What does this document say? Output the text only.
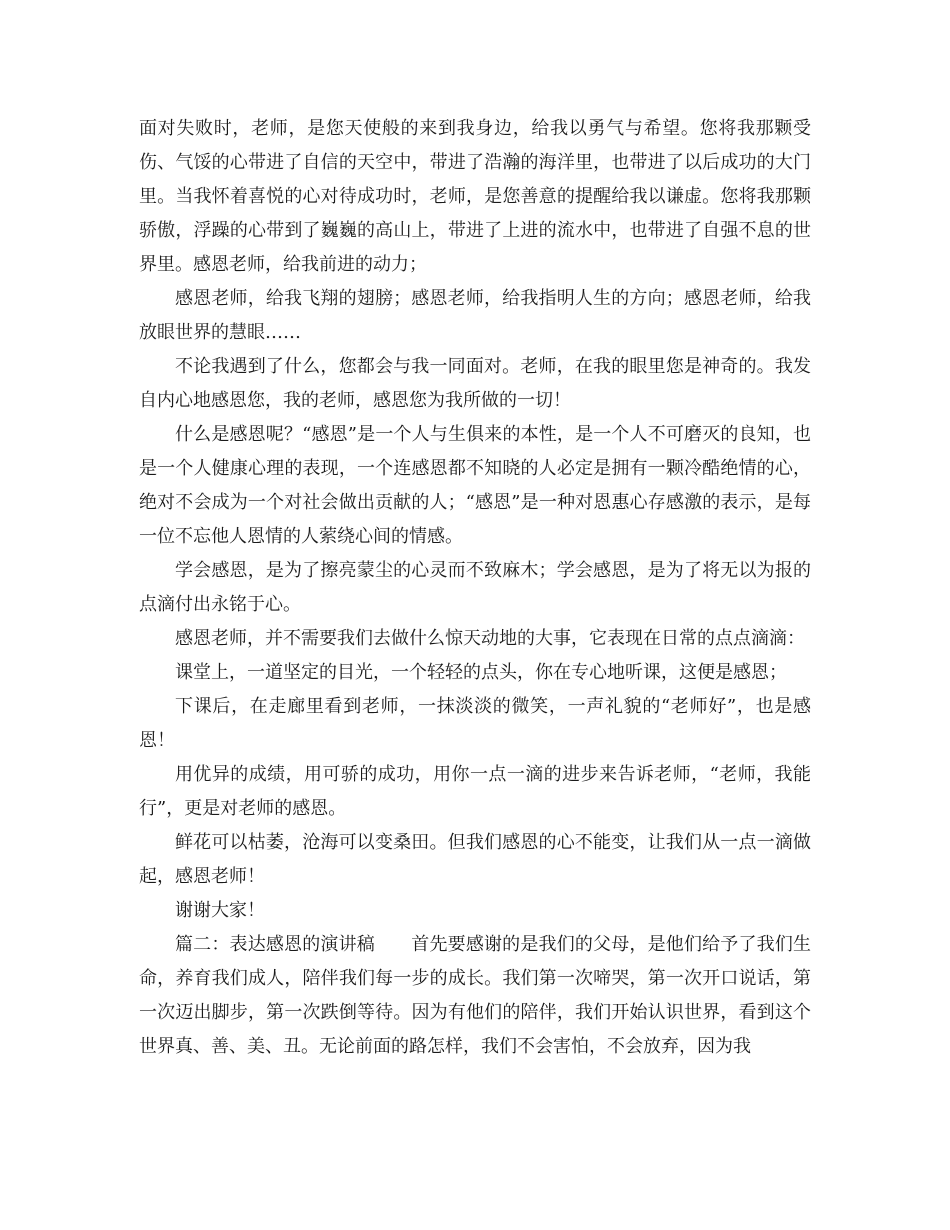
面对失败时，老师，是您天使般的来到我身边，给我以勇气与希望。您将我那颗受伤、气馁的心带进了自信的天空中，带进了浩瀚的海洋里，也带进了以后成功的大门里。当我怀着喜悦的心对待成功时，老师，是您善意的提醒给我以谦虚。您将我那颗骄傲，浮躁的心带到了巍巍的高山上，带进了上进的流水中，也带进了自强不息的世界里。感恩老师，给我前进的动力；

感恩老师，给我飞翔的翅膀；感恩老师，给我指明人生的方向；感恩老师，给我放眼世界的慧眼……

不论我遇到了什么，您都会与我一同面对。老师，在我的眼里您是神奇的。我发自内心地感恩您，我的老师，感恩您为我所做的一切！

什么是感恩呢？“感恩”是一个人与生俱来的本性，是一个人不可磨灭的良知，也是一个人健康心理的表现，一个连感恩都不知晓的人必定是拥有一颗冷酷绝情的心，绝对不会成为一个对社会做出贡献的人；“感恩”是一种对恩惠心存感激的表示，是每一位不忘他人恩情的人萦绕心间的情感。

学会感恩，是为了擦亮蒙尘的心灵而不致麻木；学会感恩，是为了将无以为报的点滴付出永铭于心。

感恩老师，并不需要我们去做什么惊天动地的大事，它表现在日常的点点滴滴：

课堂上，一道坚定的目光，一个轻轻的点头，你在专心地听课，这便是感恩；

下课后，在走廊里看到老师，一抹淡淡的微笑，一声礼貌的“老师好”，也是感恩！

用优异的成绩，用可骄的成功，用你一点一滴的进步来告诉老师，“老师，我能行”，更是对老师的感恩。

鲜花可以枯萎，沧海可以变桑田。但我们感恩的心不能变，让我们从一点一滴做起，感恩老师！

谢谢大家！

篇二：表达感恩的演讲稿　　首先要感谢的是我们的父母，是他们给予了我们生命，养育我们成人，陪伴我们每一步的成长。我们第一次啼哭，第一次开口说话，第一次迈出脚步，第一次跌倒等待。因为有他们的陪伴，我们开始认识世界，看到这个世界真、善、美、丑。无论前面的路怎样，我们不会害怕，不会放弃，因为我
